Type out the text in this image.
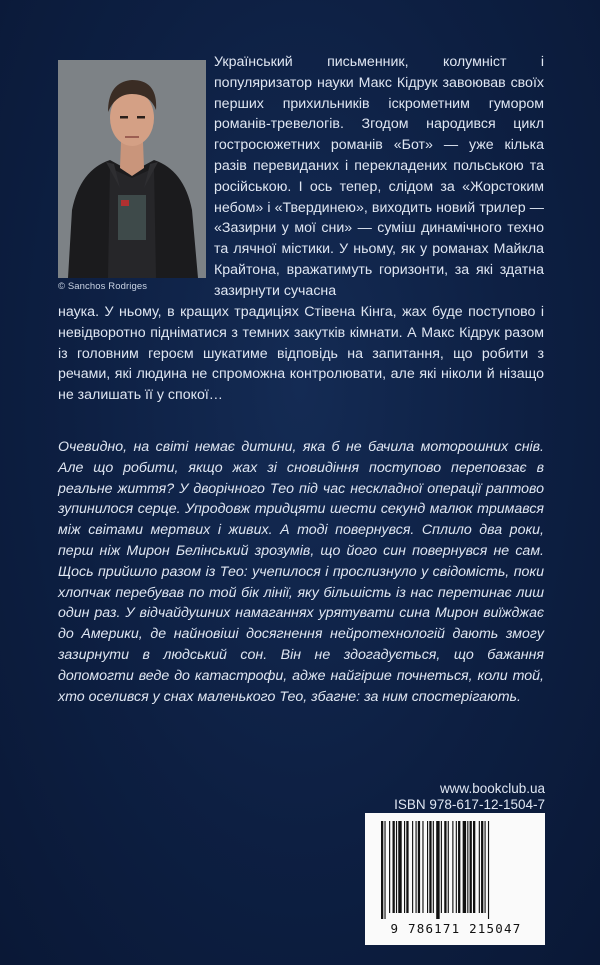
© Sanchos Rodriges

Український письменник, колумніст і популяризатор науки Макс Кідрук завоював своїх перших прихильників іскрометним гумором романів-тревелогів. Згодом народився цикл гостросюжетних романів «Бот» — уже кілька разів перевиданих і перекладених польською та російською. І ось тепер, слідом за «Жорстоким небом» і «Твердинею», виходить новий трилер — «Зазирни у мої сни» — суміш динамічного техно та лячної містики. У ньому, як у романах Майкла Крайтона, вражатимуть горизонти, за які здатна зазирнути сучасна

наука. У ньому, в кращих традиціях Стівена Кінга, жах буде поступово і невідворотно підніматися з темних закутків кімнати. А Макс Кідрук разом із головним героєм шукатиме відповідь на запитання, що робити з речами, які людина не спроможна контролювати, але які ніколи й нізащо не залишать її у спокої…

Очевидно, на світі немає дитини, яка б не бачила моторошних снів. Але що робити, якщо жах зі сновидіння поступово переповзає в реальне життя? У дворічного Тео під час нескладної операції раптово зупинилося серце. Упродовж тридцяти шести секунд малюк тримався між світами мертвих і живих. А тоді повернувся. Сплило два роки, перш ніж Мирон Белінський зрозумів, що його син повернувся не сам. Щось прийшло разом із Тео: учепилося і прослизнуло у свідомість, поки хлопчак перебував по той бік лінії, яку більшість із нас перетинає лиш один раз. У відчайдушних намаганнях урятувати сина Мирон виїжджає до Америки, де найновіші досягнення нейротехнологій дають змогу зазирнути в людський сон. Він не здогадується, що бажання допомогти веде до катастрофи, адже найгірше почнеться, коли той, хто оселився у снах маленького Тео, збагне: за ним спостерігають.

www.bookclub.ua
ISBN 978-617-12-1504-7
9 786171 215047
